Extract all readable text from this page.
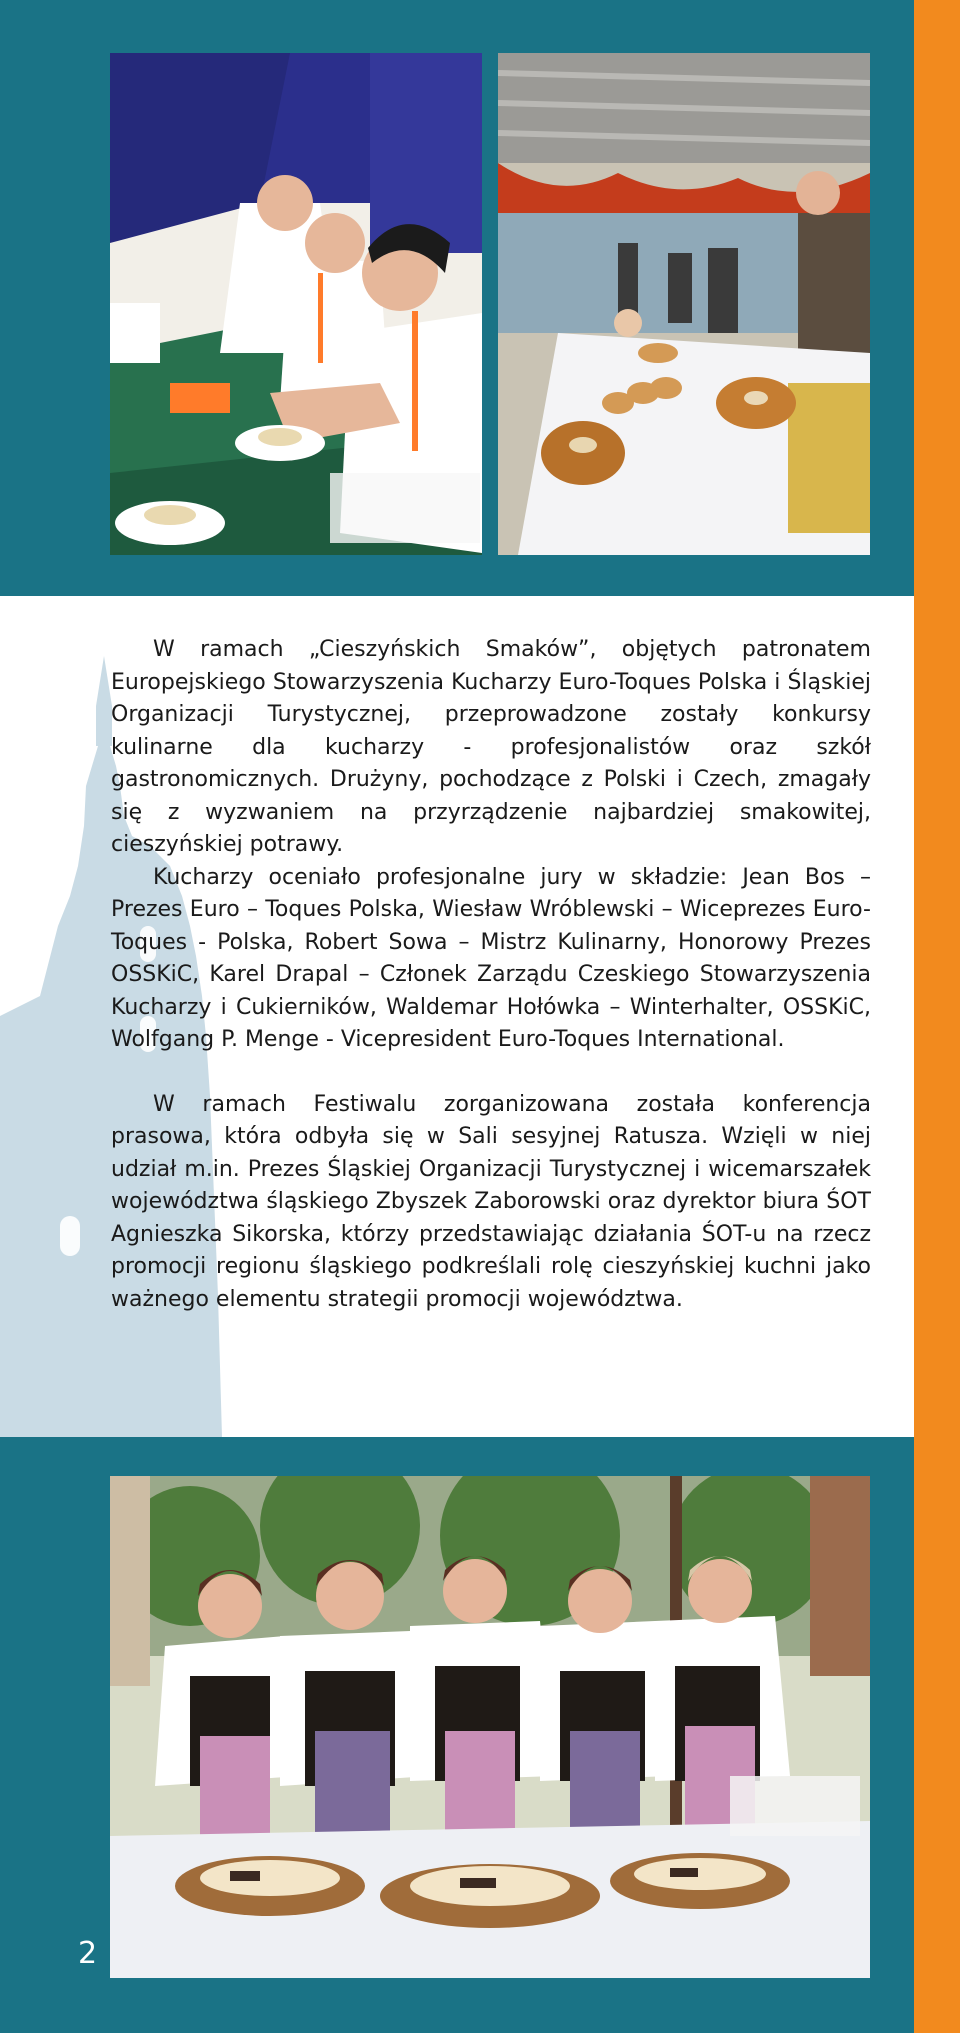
W ramach „Cieszyńskich Smaków”, objętych patronatem Europejskiego Stowarzyszenia Kucharzy Euro-Toques Polska i Śląskiej Organizacji Turystycznej, przeprowadzone zostały konkursy kulinarne dla kucharzy - profesjonalistów oraz szkół gastronomicznych. Drużyny, pochodzące z Polski i Czech, zmagały się z wyzwaniem na przyrządzenie najbardziej smakowitej, cieszyńskiej potrawy.

Kucharzy oceniało profesjonalne jury w składzie: Jean Bos – Prezes Euro – Toques Polska, Wiesław Wróblewski – Wiceprezes Euro-Toques - Polska, Robert Sowa – Mistrz Kulinarny, Honorowy Prezes OSSKiC, Karel Drapal – Członek Zarządu Czeskiego Stowarzyszenia Kucharzy i Cukierników, Waldemar Hołówka – Winterhalter, OSSKiC, Wolfgang P. Menge - Vicepresident Euro-Toques International.

W ramach Festiwalu zorganizowana została konferencja prasowa, która odbyła się w Sali sesyjnej Ratusza. Wzięli w niej udział m.in. Prezes Śląskiej Organizacji Turystycznej i wicemarszałek województwa śląskiego Zbyszek Zaborowski oraz dyrektor biura ŚOT Agnieszka Sikorska, którzy przedstawiając działania ŚOT-u na rzecz promocji regionu śląskiego podkreślali rolę cieszyńskiej kuchni jako ważnego elementu strategii promocji województwa.

2
